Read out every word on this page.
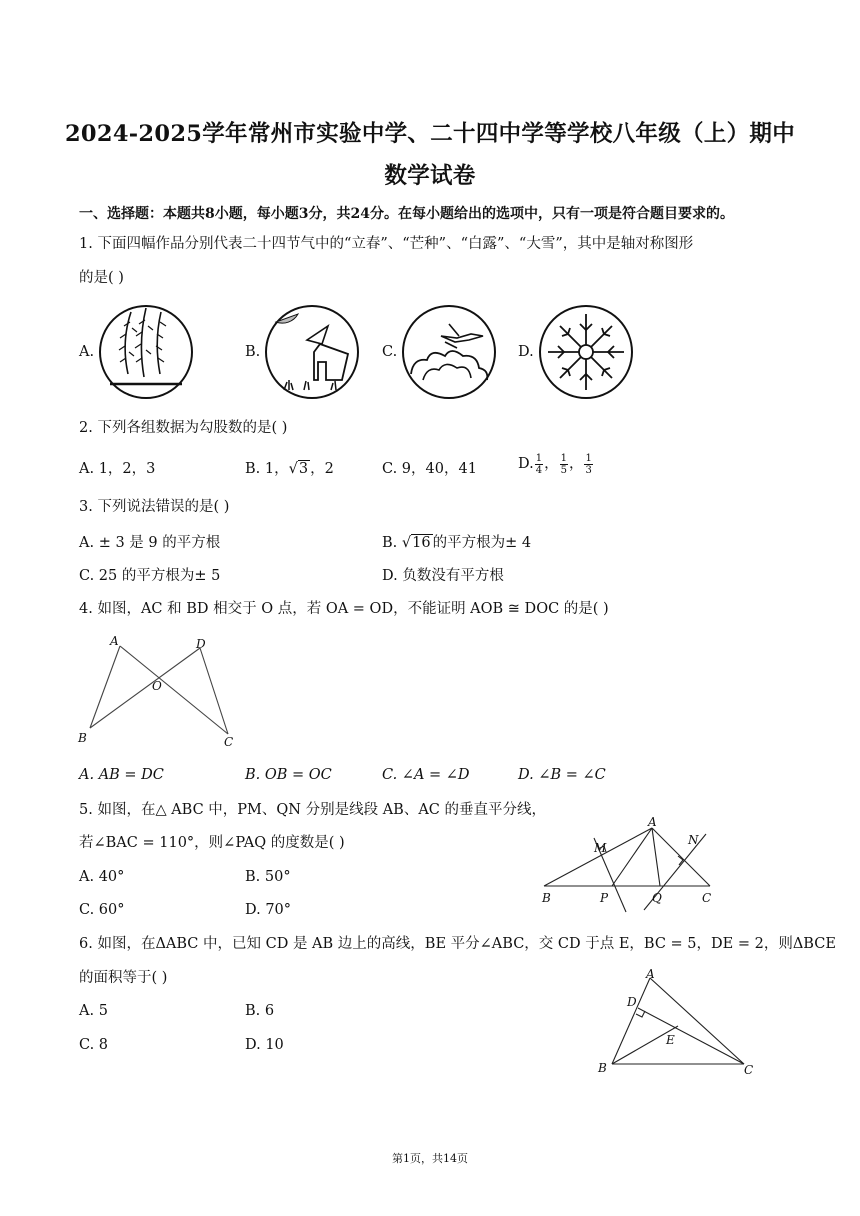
2024-2025学年常州市实验中学、二十四中学等学校八年级（上）期中
数学试卷
一、选择题：本题共8小题，每小题3分，共24分。在每小题给出的选项中，只有一项是符合题目要求的。
1. 下面四幅作品分别代表二十四节气中的“立春”、“芒种”、“白露”、“大雪”，其中是轴对称图形
的是( )
A.	B.	C.	D.
2. 下列各组数据为勾股数的是( )
A. 1，2，3	B. 1，√3 ，2	C. 9，40，41	D. $\frac{1}{4}$ ， $\frac{1}{5}$ ， $\frac{1}{3}$
3. 下列说法错误的是( )
A. ± 3 是 9 的平方根	B. √16 的平方根为± 4
C. 25 的平方根为± 5	D. 负数没有平方根
4. 如图，AC 和 BD 相交于 O 点，若 OA = OD，不能证明 AOB ≅ DOC 的是( )
A	D
O
B	C
A. AB = DC	B. OB = OC	C. ∠A = ∠D	D. ∠B = ∠C
5. 如图，在△ ABC 中，PM、QN 分别是线段 AB、AC 的垂直平分线，
若∠BAC = 110°，则∠PAQ 的度数是( )
A. 40°	B. 50°
C. 60°	D. 70°
A
B	C
M
N
P	Q
6. 如图，在ΔABC 中，已知 CD 是 AB 边上的高线，BE 平分∠ABC，交 CD 于点 E，BC = 5，DE = 2，则ΔBCE
的面积等于( )
A. 5	B. 6
C. 8	D. 10
A
D
E
B	C
第1页，共14页
